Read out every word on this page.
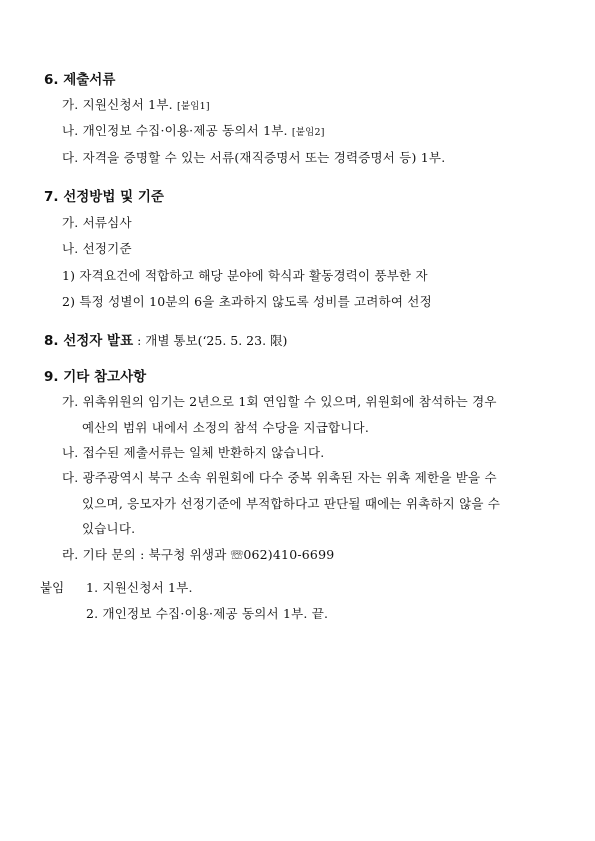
6. 제출서류
가. 지원신청서 1부. [붙임1]
나. 개인정보 수집·이용·제공 동의서 1부. [붙임2]
다. 자격을 증명할 수 있는 서류(재직증명서 또는 경력증명서 등) 1부.
7. 선정방법 및 기준
가. 서류심사
나. 선정기준
1) 자격요건에 적합하고 해당 분야에 학식과 활동경력이 풍부한 자
2) 특정 성별이 10분의 6을 초과하지 않도록 성비를 고려하여 선정
8. 선정자 발표 : 개별 통보(‘25. 5. 23. 限)
9. 기타 참고사항
가. 위촉위원의 임기는 2년으로 1회 연임할 수 있으며, 위원회에 참석하는 경우
예산의 범위 내에서 소정의 참석 수당을 지급합니다.
나. 접수된 제출서류는 일체 반환하지 않습니다.
다. 광주광역시 북구 소속 위원회에 다수 중복 위촉된 자는 위촉 제한을 받을 수
있으며, 응모자가 선정기준에 부적합하다고 판단될 때에는 위촉하지 않을 수
있습니다.
라. 기타 문의 : 북구청 위생과 ☏062)410-6699
붙임 1. 지원신청서 1부.
2. 개인정보 수집·이용·제공 동의서 1부. 끝.
